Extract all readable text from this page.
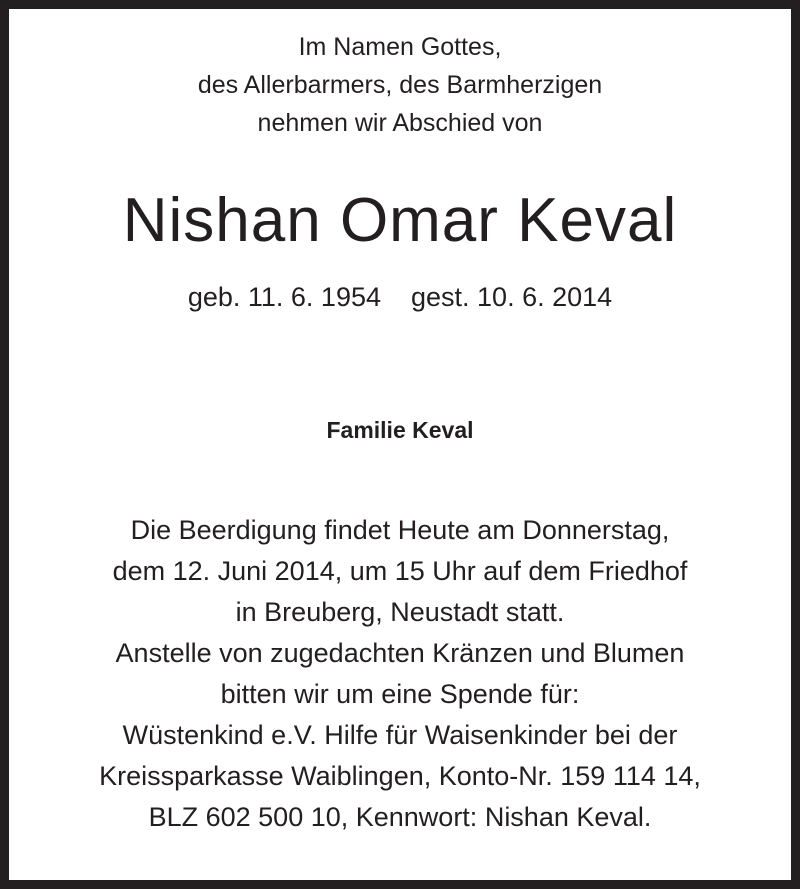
Im Namen Gottes,
des Allerbarmers, des Barmherzigen
nehmen wir Abschied von
Nishan Omar Keval
geb. 11. 6. 1954 gest. 10. 6. 2014
Familie Keval
Die Beerdigung findet Heute am Donnerstag,
dem 12. Juni 2014, um 15 Uhr auf dem Friedhof
in Breuberg, Neustadt statt.
Anstelle von zugedachten Kränzen und Blumen
bitten wir um eine Spende für:
Wüstenkind e.V. Hilfe für Waisenkinder bei der
Kreissparkasse Waiblingen, Konto-Nr. 159 114 14,
BLZ 602 500 10, Kennwort: Nishan Keval.
